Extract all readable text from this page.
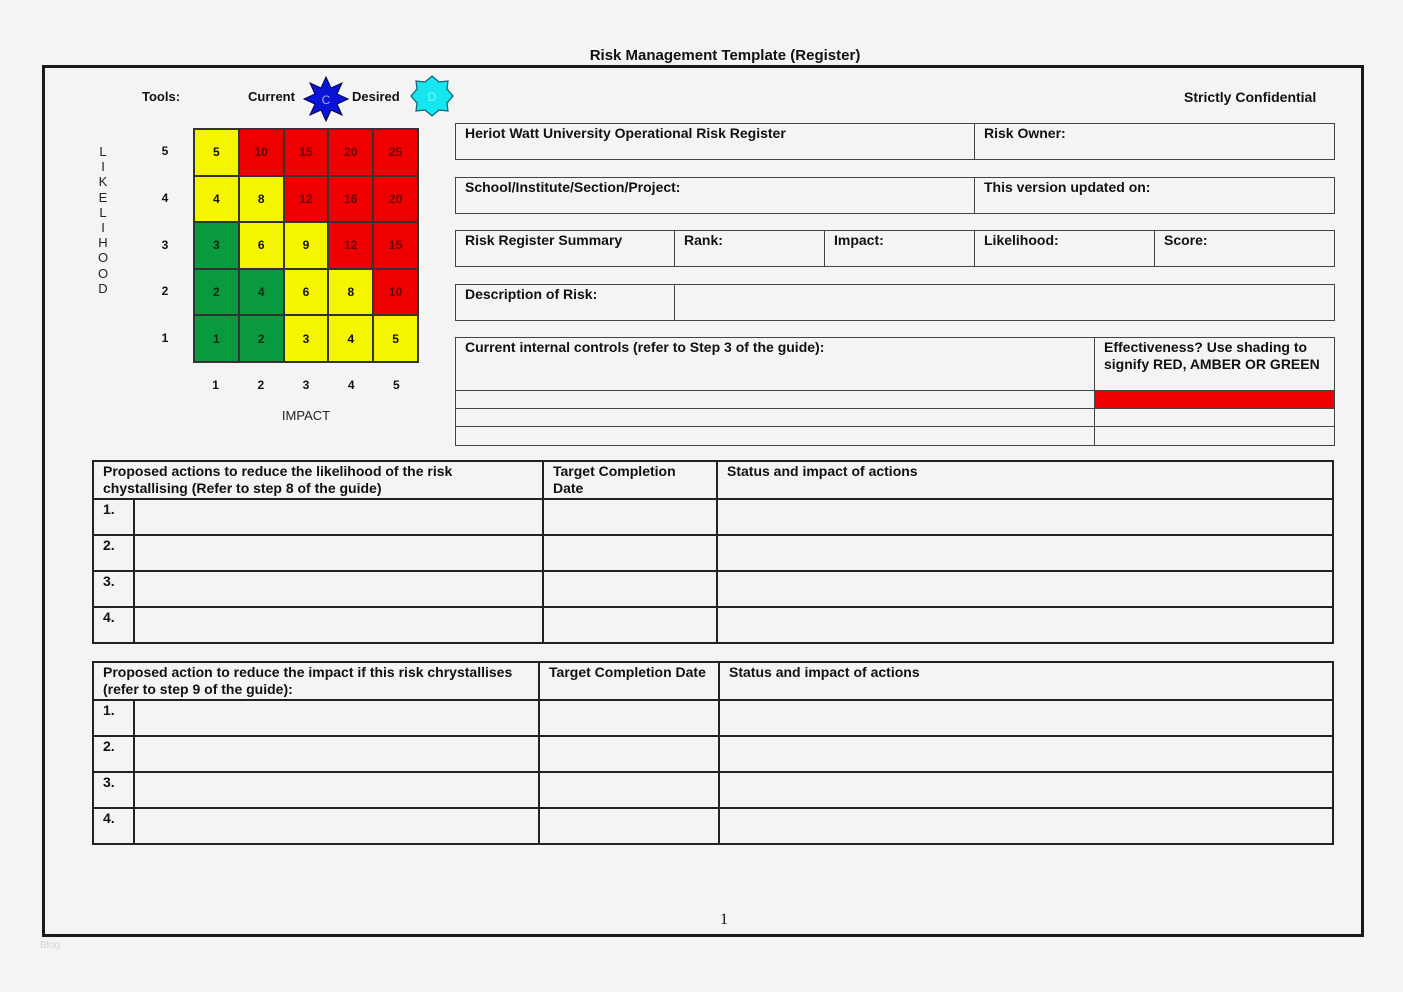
Risk Management Template (Register)
Tools:	Current C Desired D	Strictly Confidential
L
I
K
E
L
I
H
O
O
D
5
4
3
2
1
5	10	15	20	25
4	8	12	16	20
3	6	9	12	15
2	4	6	8	10
1	2	3	4	5
1	2	3	4	5
IMPACT
Heriot Watt University Operational Risk Register	Risk Owner:
School/Institute/Section/Project:	This version updated on:
Risk Register Summary	Rank:	Impact:	Likelihood:	Score:
Description of Risk:
Current internal controls (refer to Step 3 of the guide):	Effectiveness? Use shading to signify RED, AMBER OR GREEN
Proposed actions to reduce the likelihood of the risk chystallising (Refer to step 8 of the guide)		Target Completion Date	Status and impact of actions
1.			
2.			
3.			
4.			
Proposed action to reduce the impact if this risk chrystallises (refer to step 9 of the guide):		Target Completion Date	Status and impact of actions
1.			
2.			
3.			
4.			
1
Blog
